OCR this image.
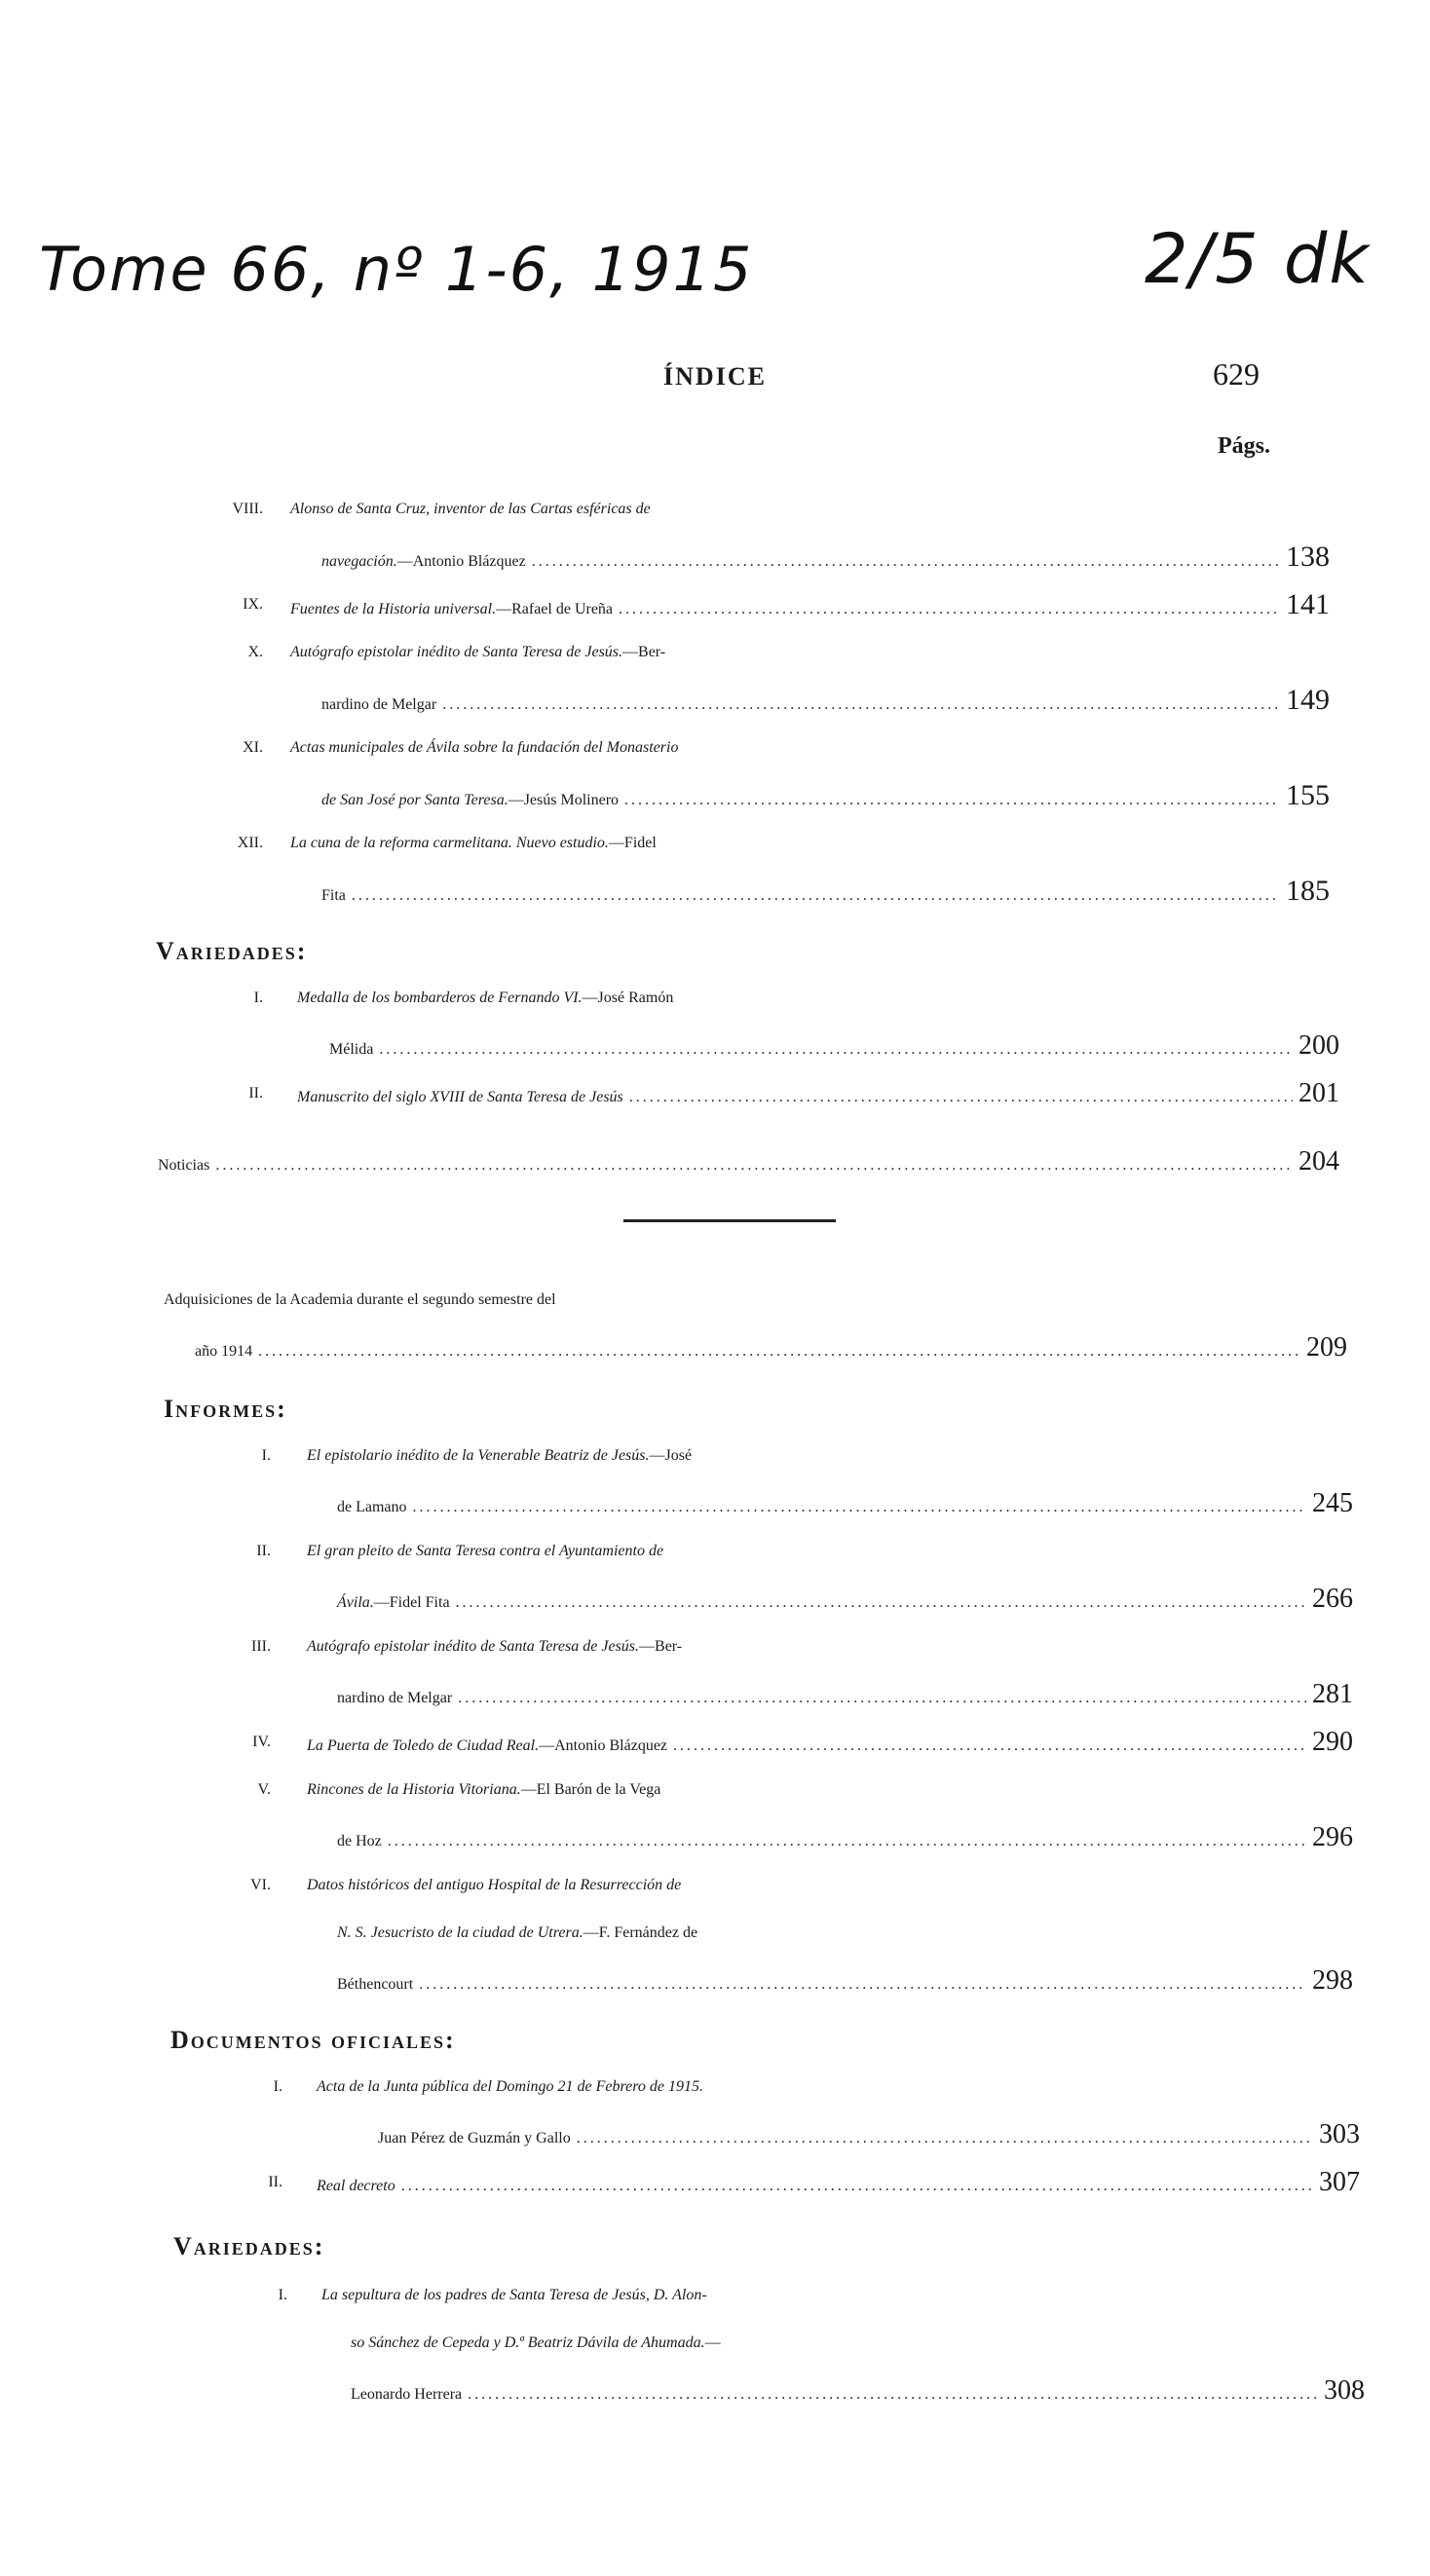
Tome 66, nº 1-6, 1915	2/5 dk
ÍNDICE	629
Págs.
VIII. Alonso de Santa Cruz, inventor de las Cartas esféricas de
navegación. —Antonio Blázquez .....	138
IX. Fuentes de la Historia universal. —Rafael de Ureña .....	141
X. Autógrafo epistolar inédito de Santa Teresa de Jesús.—Ber-
nardino de Melgar .....	149
XI. Actas municipales de Ávila sobre la fundación del Monasterio
de San José por Santa Teresa. —Jesús Molinero .....	155
XII. La cuna de la reforma carmelitana. Nuevo estudio.—Fidel
Fita .....	185
Variedades:
I. Medalla de los bombarderos de Fernando VI.—José Ramón
Mélida .....	200
II. Manuscrito del siglo XVIII de Santa Teresa de Jesús .....	201
Noticias .....	204
Adquisiciones de la Academia durante el segundo semestre del
año 1914 .....	209
Informes:
I. El epistolario inédito de la Venerable Beatriz de Jesús.—José
de Lamano .....	245
II. El gran pleito de Santa Teresa contra el Ayuntamiento de
Ávila. —Fidel Fita .....	266
III. Autógrafo epistolar inédito de Santa Teresa de Jesús.—Ber-
nardino de Melgar .....	281
IV. La Puerta de Toledo de Ciudad Real. —Antonio Blázquez .....	290
V. Rincones de la Historia Vitoriana.—El Barón de la Vega
de Hoz .....	296
VI. Datos históricos del antiguo Hospital de la Resurrección de
N. S. Jesucristo de la ciudad de Utrera.—F. Fernández de
Béthencourt .....	298
Documentos oficiales:
I. Acta de la Junta pública del Domingo 21 de Febrero de 1915.
Juan Pérez de Guzmán y Gallo .....	303
II. Real decreto .....	307
Variedades:
I. La sepultura de los padres de Santa Teresa de Jesús, D. Alon-
so Sánchez de Cepeda y D.ª Beatriz Dávila de Ahumada.—
Leonardo Herrera .....	308
